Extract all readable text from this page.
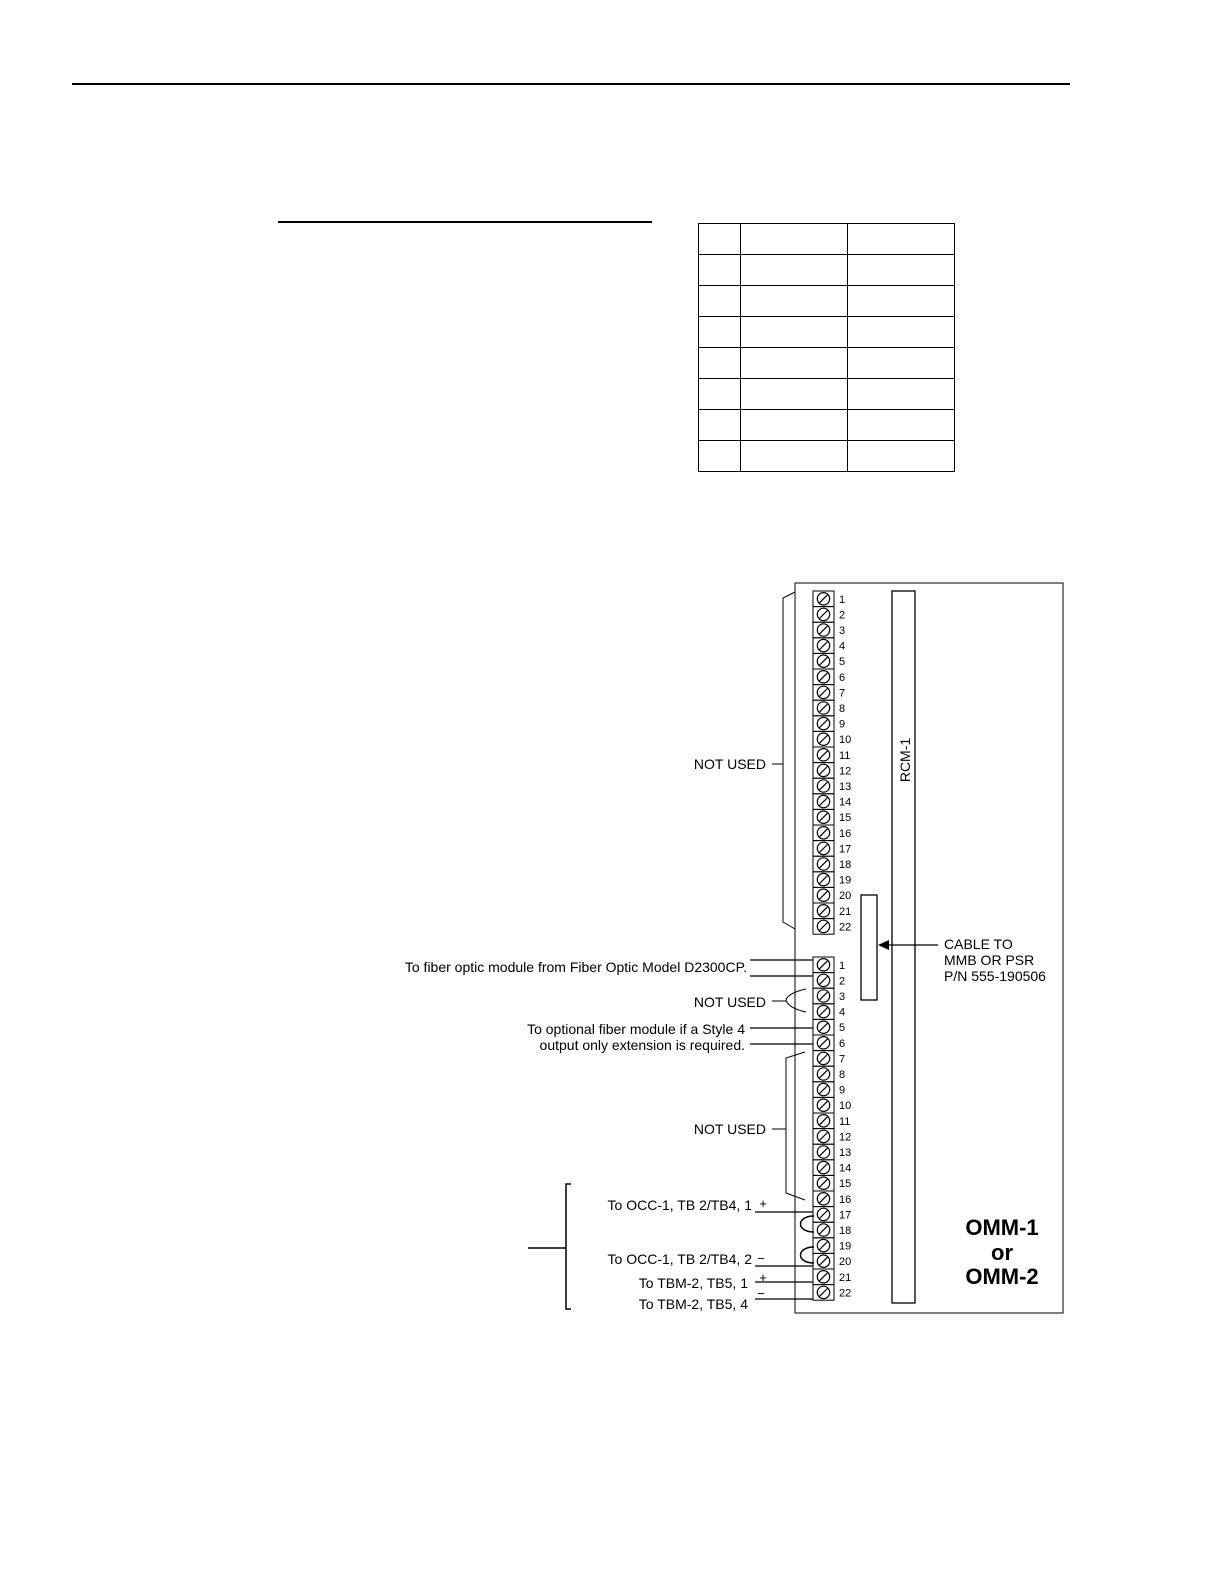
RCM-1
1
2
3
4
5
6
7
8
9
10
11
12
13
14
15
16
17
18
19
20
21
22
1
2
3
4
5
6
7
8
9
10
11
12
13
14
15
16
17
18
19
20
21
22
CABLE TO
MMB OR PSR
P/N 555-190506
NOT USED
To fiber optic module from Fiber Optic Model D2300CP.
NOT USED
To optional fiber module if a Style 4
output only extension is required.
NOT USED
To OCC-1, TB 2/TB4, 1 +
To OCC-1, TB 2/TB4, 2 −
To TBM-2, TB5, 1 +
−
To TBM-2, TB5, 4
OMM-1
or
OMM-2
